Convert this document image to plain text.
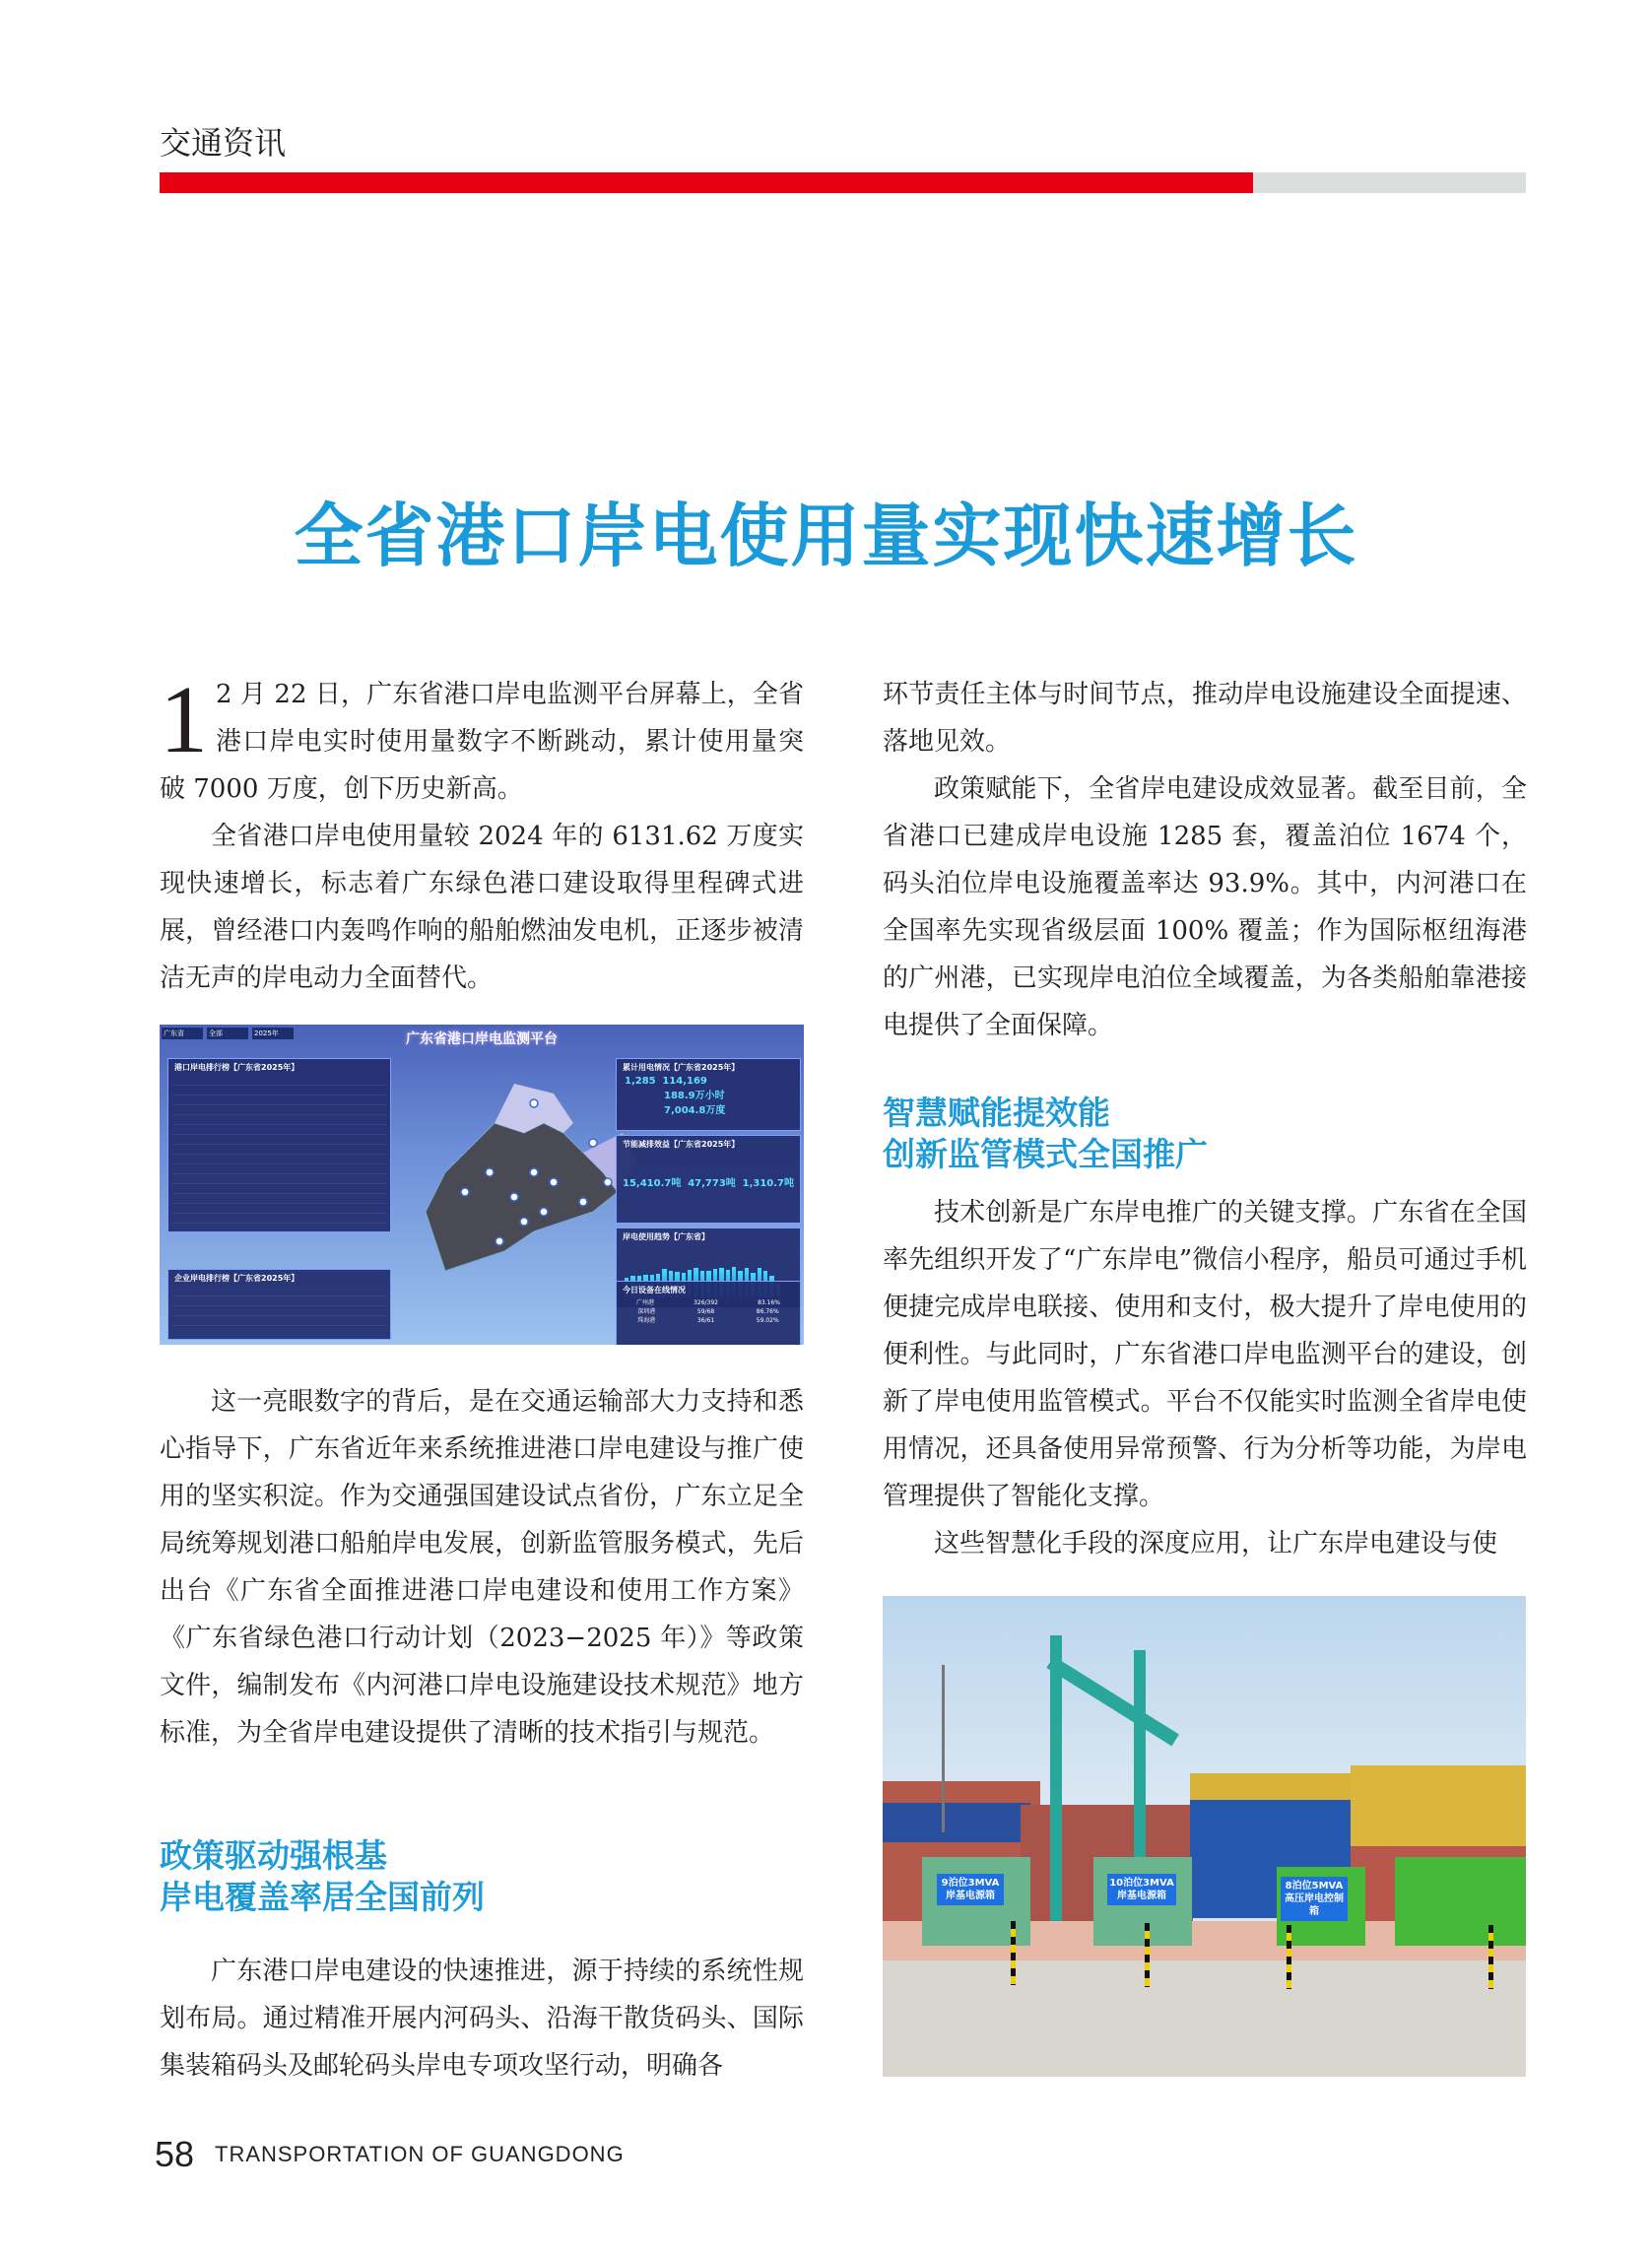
交通资讯
全省港口岸电使用量实现快速增长

1 2 月 22 日，广东省港口岸电监测平台屏幕上，全省港口岸电实时使用量数字不断跳动，累计使用量突破 7000 万度，创下历史新高。

全省港口岸电使用量较 2024 年的 6131.62 万度实现快速增长，标志着广东绿色港口建设取得里程碑式进展，曾经港口内轰鸣作响的船舶燃油发电机，正逐步被清洁无声的岸电动力全面替代。

广东省	全部	2025年	广东省港口岸电监测平台
港口岸电排行榜【广东省2025年】
企业岸电排行榜【广东省2025年】
累计用电情况【广东省2025年】
1,285 114,169
188.9万小时
7,004.8万度
节能减排效益【广东省2025年】
15,410.7吨 47,773吨 1,310.7吨
岸电使用趋势【广东省】
今日设备在线情况
广州港	326/392	83.16%
深圳港	59/68	86.76%
珠海港	36/61	59.02%

这一亮眼数字的背后，是在交通运输部大力支持和悉心指导下，广东省近年来系统推进港口岸电建设与推广使用的坚实积淀。作为交通强国建设试点省份，广东立足全局统筹规划港口船舶岸电发展，创新监管服务模式，先后出台《广东省全面推进港口岸电建设和使用工作方案》《广东省绿色港口行动计划（2023−2025 年）》等政策文件，编制发布《内河港口岸电设施建设技术规范》地方标准，为全省岸电建设提供了清晰的技术指引与规范。

政策驱动强根基
岸电覆盖率居全国前列

广东港口岸电建设的快速推进，源于持续的系统性规划布局。通过精准开展内河码头、沿海干散货码头、国际集装箱码头及邮轮码头岸电专项攻坚行动，明确各

环节责任主体与时间节点，推动岸电设施建设全面提速、落地见效。

政策赋能下，全省岸电建设成效显著。截至目前，全省港口已建成岸电设施 1285 套，覆盖泊位 1674 个，码头泊位岸电设施覆盖率达 93.9%。其中，内河港口在全国率先实现省级层面 100% 覆盖；作为国际枢纽海港的广州港，已实现岸电泊位全域覆盖，为各类船舶靠港接电提供了全面保障。

智慧赋能提效能
创新监管模式全国推广

技术创新是广东岸电推广的关键支撑。广东省在全国率先组织开发了“广东岸电”微信小程序，船员可通过手机便捷完成岸电联接、使用和支付，极大提升了岸电使用的便利性。与此同时，广东省港口岸电监测平台的建设，创新了岸电使用监管模式。平台不仅能实时监测全省岸电使用情况，还具备使用异常预警、行为分析等功能，为岸电管理提供了智能化支撑。

这些智慧化手段的深度应用，让广东岸电建设与使

9泊位3MVA 岸基电源箱
10泊位3MVA 岸基电源箱
8泊位5MVA 高压岸电控制箱
58 TRANSPORTATION OF GUANGDONG
